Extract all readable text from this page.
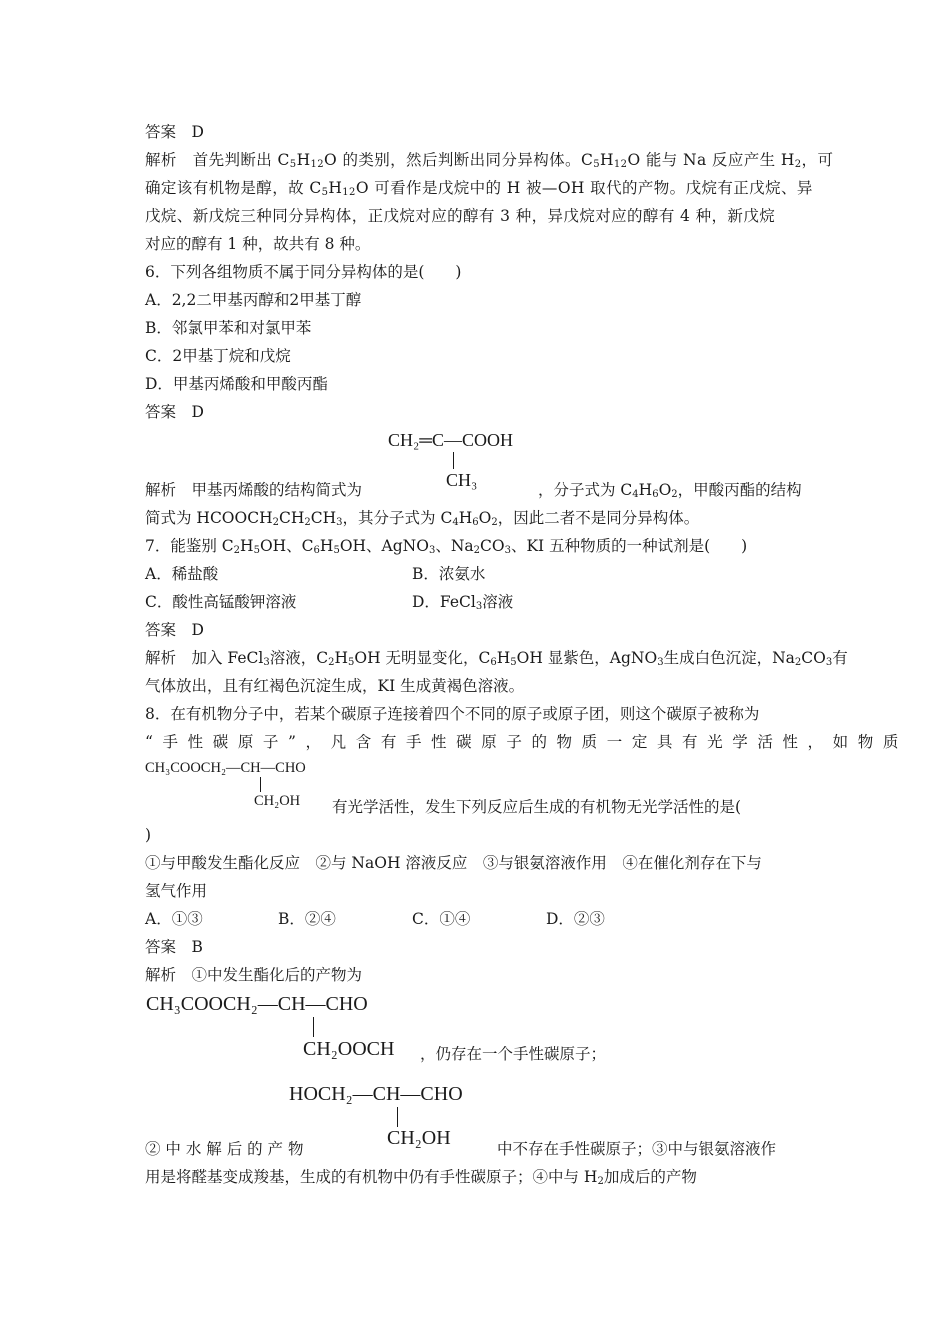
答案　D
解析　首先判断出 $C_5H_{12}O$ 的类别，然后判断出同分异构体。$C_5H_{12}O$ 能与 Na 反应产生 $H_2$，可
确定该有机物是醇，故 $C_5H_{12}O$ 可看作是戊烷中的 H 被—OH 取代的产物。戊烷有正戊烷、异
戊烷、新戊烷三种同分异构体，正戊烷对应的醇有 3 种，异戊烷对应的醇有 4 种，新戊烷
对应的醇有 1 种，故共有 8 种。
6．下列各组物质不属于同分异构体的是(　　)
A．2,2二甲基丙醇和2甲基丁醇
B．邻氯甲苯和对氯甲苯
C．2甲基丁烷和戊烷
D．甲基丙烯酸和甲酸丙酯
答案　D
CH₂═C—COOH
CH₃
解析　甲基丙烯酸的结构简式为	，分子式为 $C_4H_6O_2$，甲酸丙酯的结构
简式为 $HCOOCH_2CH_2CH_3$，其分子式为 $C_4H_6O_2$，因此二者不是同分异构体。
7．能鉴别 $C_2H_5OH$、$C_6H_5OH$、AgNO$_3$、$Na_2CO_3$、KI 五种物质的一种试剂是(　　)
A．稀盐酸	B．浓氨水
C．酸性高锰酸钾溶液	D．FeCl$_3$溶液
答案　D
解析　加入 FeCl$_3$溶液，$C_2H_5OH$ 无明显变化，$C_6H_5OH$ 显紫色，AgNO$_3$生成白色沉淀，$Na_2CO_3$有
气体放出，且有红褐色沉淀生成，KI 生成黄褐色溶液。
8．在有机物分子中，若某个碳原子连接着四个不同的原子或原子团，则这个碳原子被称为
“手性碳原子”，凡含有手性碳原子的物质一定具有光学活性，如物质
CH₃COOCH₂—CH—CHO
CH₂OH 有光学活性，发生下列反应后生成的有机物无光学活性的是(
)
①与甲酸发生酯化反应　②与 NaOH 溶液反应　③与银氨溶液作用　④在催化剂存在下与
氢气作用
A．①③	B．②④	C．①④	D．②③
答案　B
解析　①中发生酯化后的产物为
CH₃COOCH₂—CH—CHO
CH₂OOCH ，仍存在一个手性碳原子；
HOCH₂—CH—CHO
CH₂OH
② 中 水 解 后 的 产 物	中不存在手性碳原子；③中与银氨溶液作
用是将醛基变成羧基，生成的有机物中仍有手性碳原子；④中与 $H_2$加成后的产物
